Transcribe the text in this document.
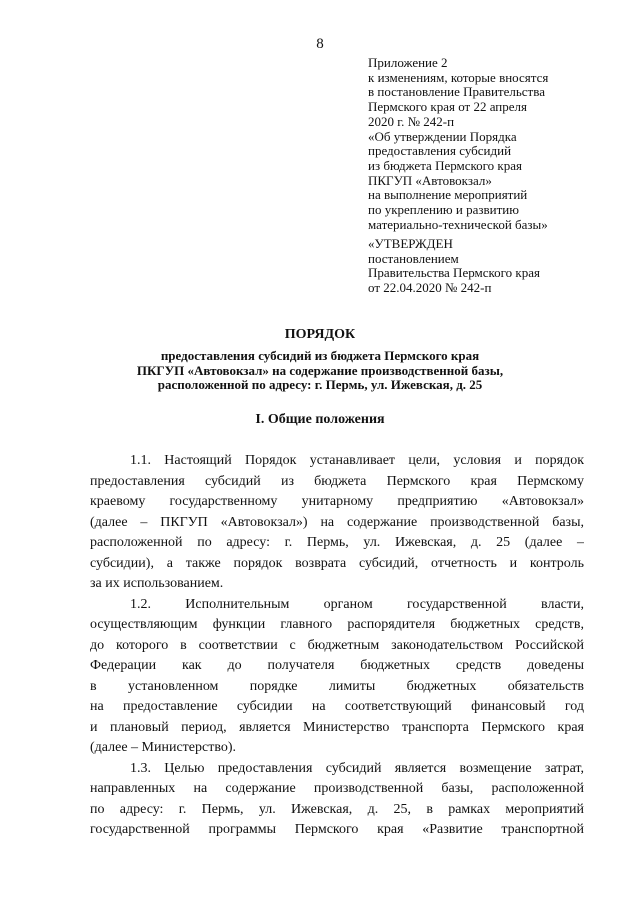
8
Приложение 2
к изменениям, которые вносятся
в постановление Правительства
Пермского края от 22 апреля
2020 г. № 242-п
«Об утверждении Порядка
предоставления субсидий
из бюджета Пермского края
ПКГУП «Автовокзал»
на выполнение мероприятий
по укреплению и развитию
материально-технической базы»
«УТВЕРЖДЕН
постановлением
Правительства Пермского края
от 22.04.2020 № 242-п
ПОРЯДОК
предоставления субсидий из бюджета Пермского края
ПКГУП «Автовокзал» на содержание производственной базы,
расположенной по адресу: г. Пермь, ул. Ижевская, д. 25
I. Общие положения
1.1. Настоящий Порядок устанавливает цели, условия и порядок
предоставления субсидий из бюджета Пермского края Пермскому
краевому государственному унитарному предприятию «Автовокзал»
(далее – ПКГУП «Автовокзал») на содержание производственной базы,
расположенной по адресу: г. Пермь, ул. Ижевская, д. 25 (далее –
субсидии), а также порядок возврата субсидий, отчетность и контроль
за их использованием.
1.2. Исполнительным органом государственной власти,
осуществляющим функции главного распорядителя бюджетных средств,
до которого в соответствии с бюджетным законодательством Российской
Федерации как до получателя бюджетных средств доведены
в установленном порядке лимиты бюджетных обязательств
на предоставление субсидии на соответствующий финансовый год
и плановый период, является Министерство транспорта Пермского края
(далее – Министерство).
1.3. Целью предоставления субсидий является возмещение затрат,
направленных на содержание производственной базы, расположенной
по адресу: г. Пермь, ул. Ижевская, д. 25, в рамках мероприятий
государственной программы Пермского края «Развитие транспортной
